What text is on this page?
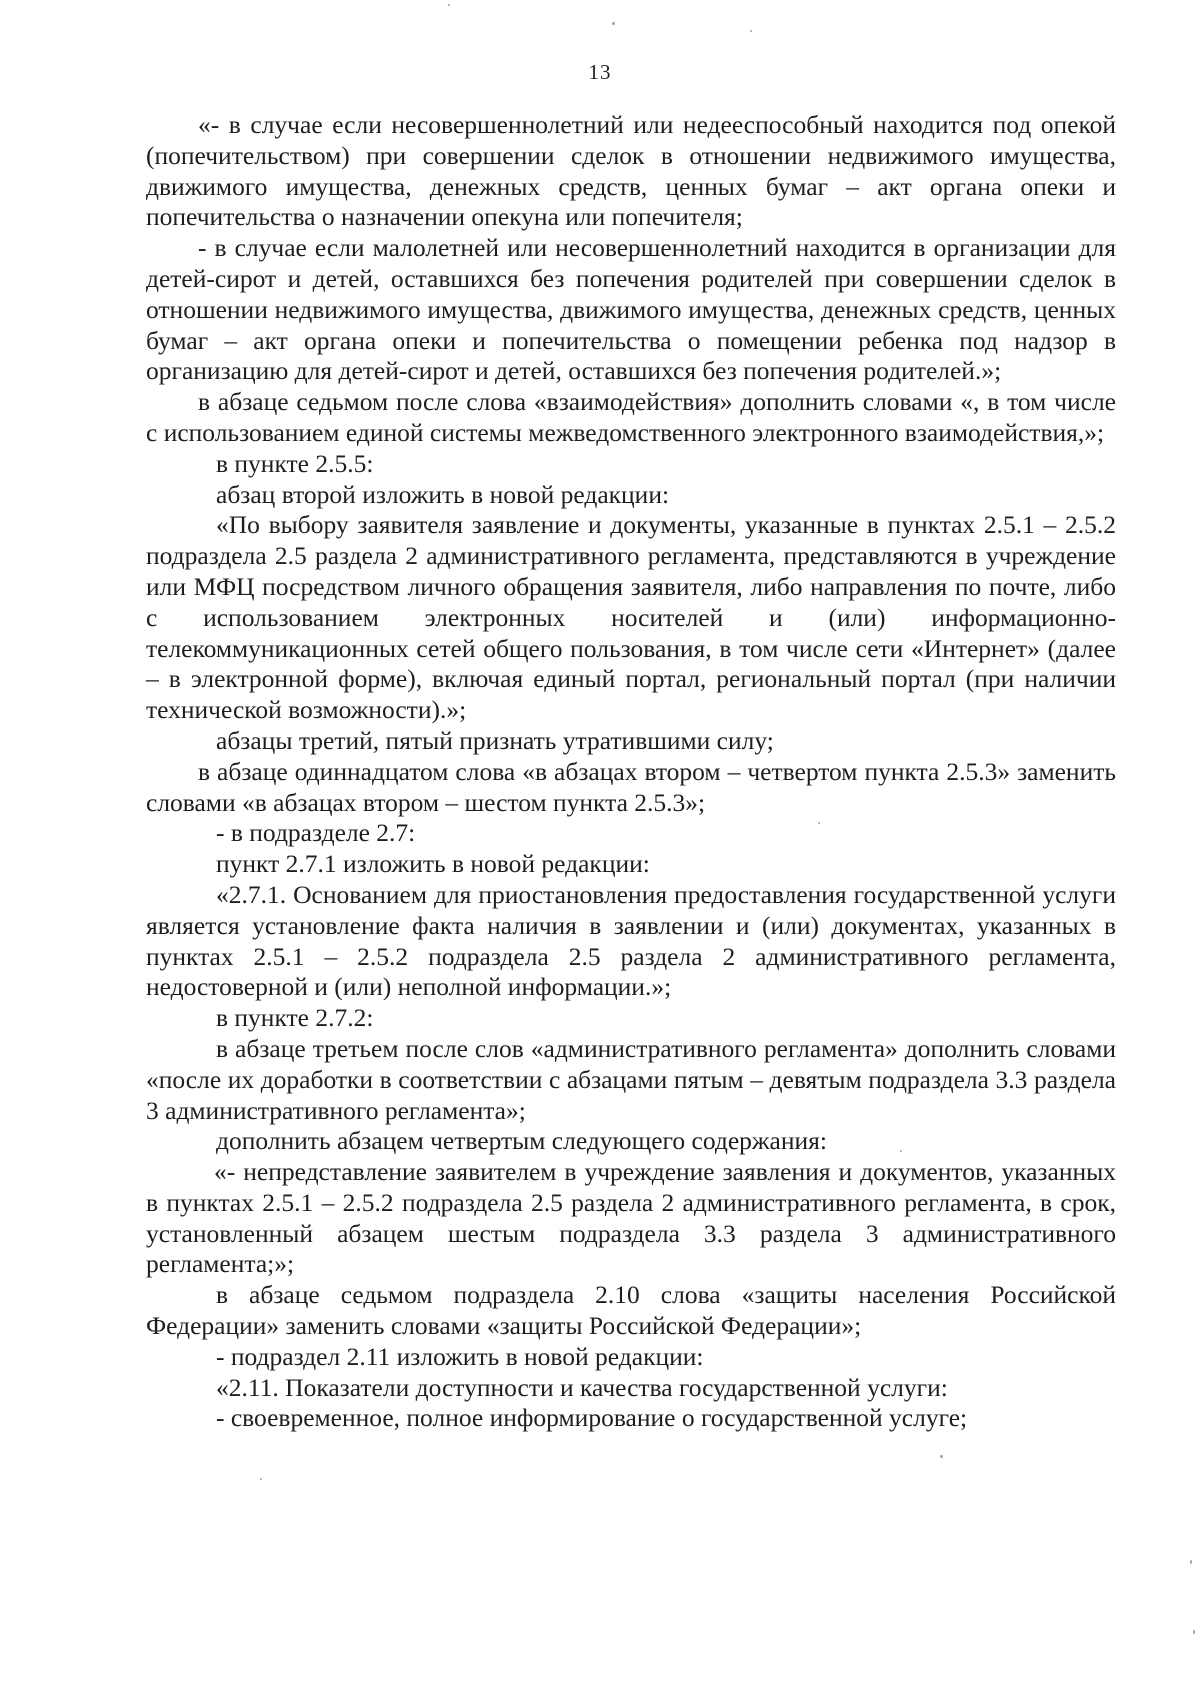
13

«- в случае если несовершеннолетний или недееспособный находится под опекой (попечительством) при совершении сделок в отношении недвижимого имущества, движимого имущества, денежных средств, ценных бумаг – акт органа опеки и попечительства о назначении опекуна или попечителя;

- в случае если малолетней или несовершеннолетний находится в организации для детей-сирот и детей, оставшихся без попечения родителей при совершении сделок в отношении недвижимого имущества, движимого имущества, денежных средств, ценных бумаг – акт органа опеки и попечительства о помещении ребенка под надзор в организацию для детей-сирот и детей, оставшихся без попечения родителей.»;

в абзаце седьмом после слова «взаимодействия» дополнить словами «, в том числе с использованием единой системы межведомственного электронного взаимодействия,»;

в пункте 2.5.5:

абзац второй изложить в новой редакции:

«По выбору заявителя заявление и документы, указанные в пунктах 2.5.1 – 2.5.2 подраздела 2.5 раздела 2 административного регламента, представляются в учреждение или МФЦ посредством личного обращения заявителя, либо направления по почте, либо с использованием электронных носителей и (или) информационно-телекоммуникационных сетей общего пользования, в том числе сети «Интернет» (далее – в электронной форме), включая единый портал, региональный портал (при наличии технической возможности).»;

абзацы третий, пятый признать утратившими силу;

в абзаце одиннадцатом слова «в абзацах втором – четвертом пункта 2.5.3» заменить словами «в абзацах втором – шестом пункта 2.5.3»;

- в подразделе 2.7:

пункт 2.7.1 изложить в новой редакции:

«2.7.1. Основанием для приостановления предоставления государственной услуги является установление факта наличия в заявлении и (или) документах, указанных в пунктах 2.5.1 – 2.5.2 подраздела 2.5 раздела 2 административного регламента, недостоверной и (или) неполной информации.»;

в пункте 2.7.2:

в абзаце третьем после слов «административного регламента» дополнить словами «после их доработки в соответствии с абзацами пятым – девятым подраздела 3.3 раздела 3 административного регламента»;

дополнить абзацем четвертым следующего содержания:

«- непредставление заявителем в учреждение заявления и документов, указанных в пунктах 2.5.1 – 2.5.2 подраздела 2.5 раздела 2 административного регламента, в срок, установленный абзацем шестым подраздела 3.3 раздела 3 административного регламента;»;

в абзаце седьмом подраздела 2.10 слова «защиты населения Российской Федерации» заменить словами «защиты Российской Федерации»;

- подраздел 2.11 изложить в новой редакции:

«2.11. Показатели доступности и качества государственной услуги:

- своевременное, полное информирование о государственной услуге;
